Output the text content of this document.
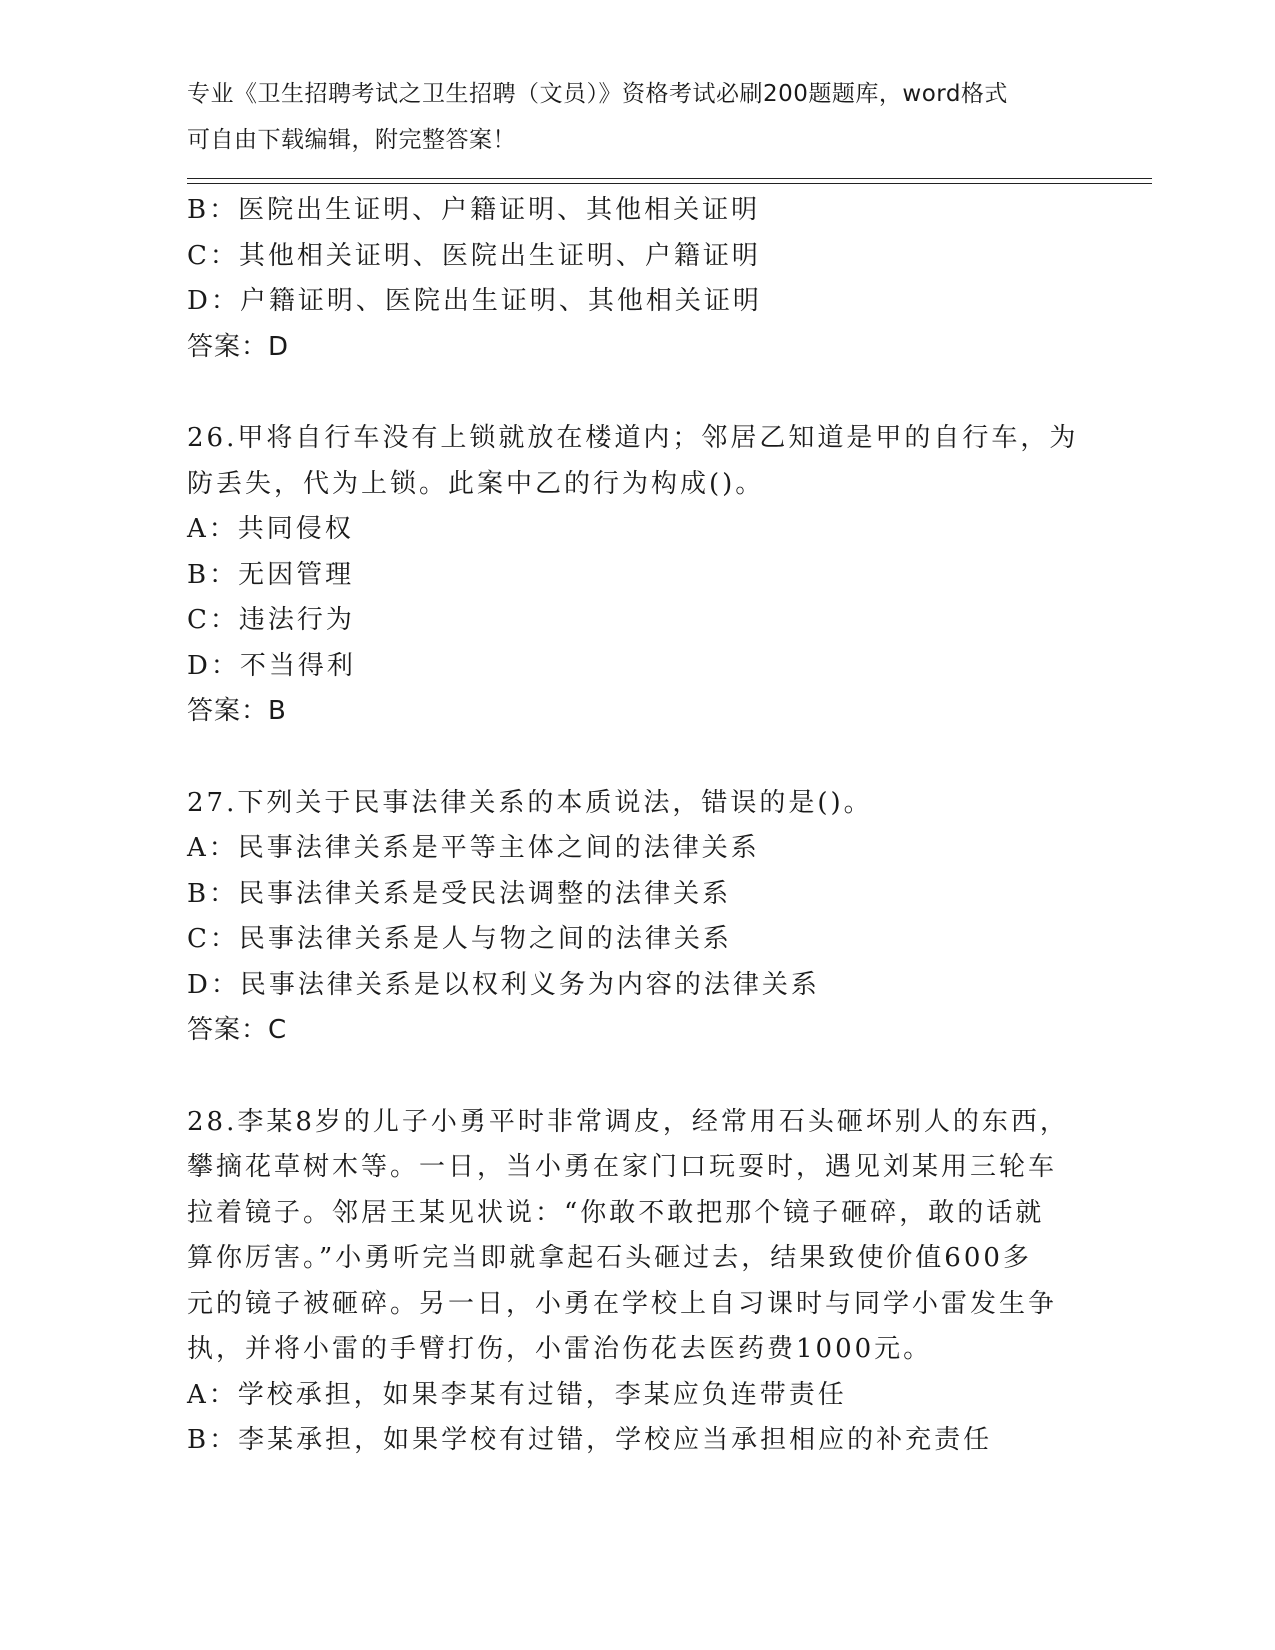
专业《卫生招聘考试之卫生招聘（文员）》资格考试必刷200题题库，word格式
可自由下载编辑，附完整答案！
B：医院出生证明、户籍证明、其他相关证明
C：其他相关证明、医院出生证明、户籍证明
D：户籍证明、医院出生证明、其他相关证明
答案：D
26.甲将自行车没有上锁就放在楼道内；邻居乙知道是甲的自行车，为
防丢失，代为上锁。此案中乙的行为构成()。
A：共同侵权
B：无因管理
C：违法行为
D：不当得利
答案：B
27.下列关于民事法律关系的本质说法，错误的是()。
A：民事法律关系是平等主体之间的法律关系
B：民事法律关系是受民法调整的法律关系
C：民事法律关系是人与物之间的法律关系
D：民事法律关系是以权利义务为内容的法律关系
答案：C
28.李某8岁的儿子小勇平时非常调皮，经常用石头砸坏别人的东西，
攀摘花草树木等。一日，当小勇在家门口玩耍时，遇见刘某用三轮车
拉着镜子。邻居王某见状说：“你敢不敢把那个镜子砸碎，敢的话就
算你厉害。”小勇听完当即就拿起石头砸过去，结果致使价值600多
元的镜子被砸碎。另一日，小勇在学校上自习课时与同学小雷发生争
执，并将小雷的手臂打伤，小雷治伤花去医药费1000元。
A：学校承担，如果李某有过错，李某应负连带责任
B：李某承担，如果学校有过错，学校应当承担相应的补充责任
